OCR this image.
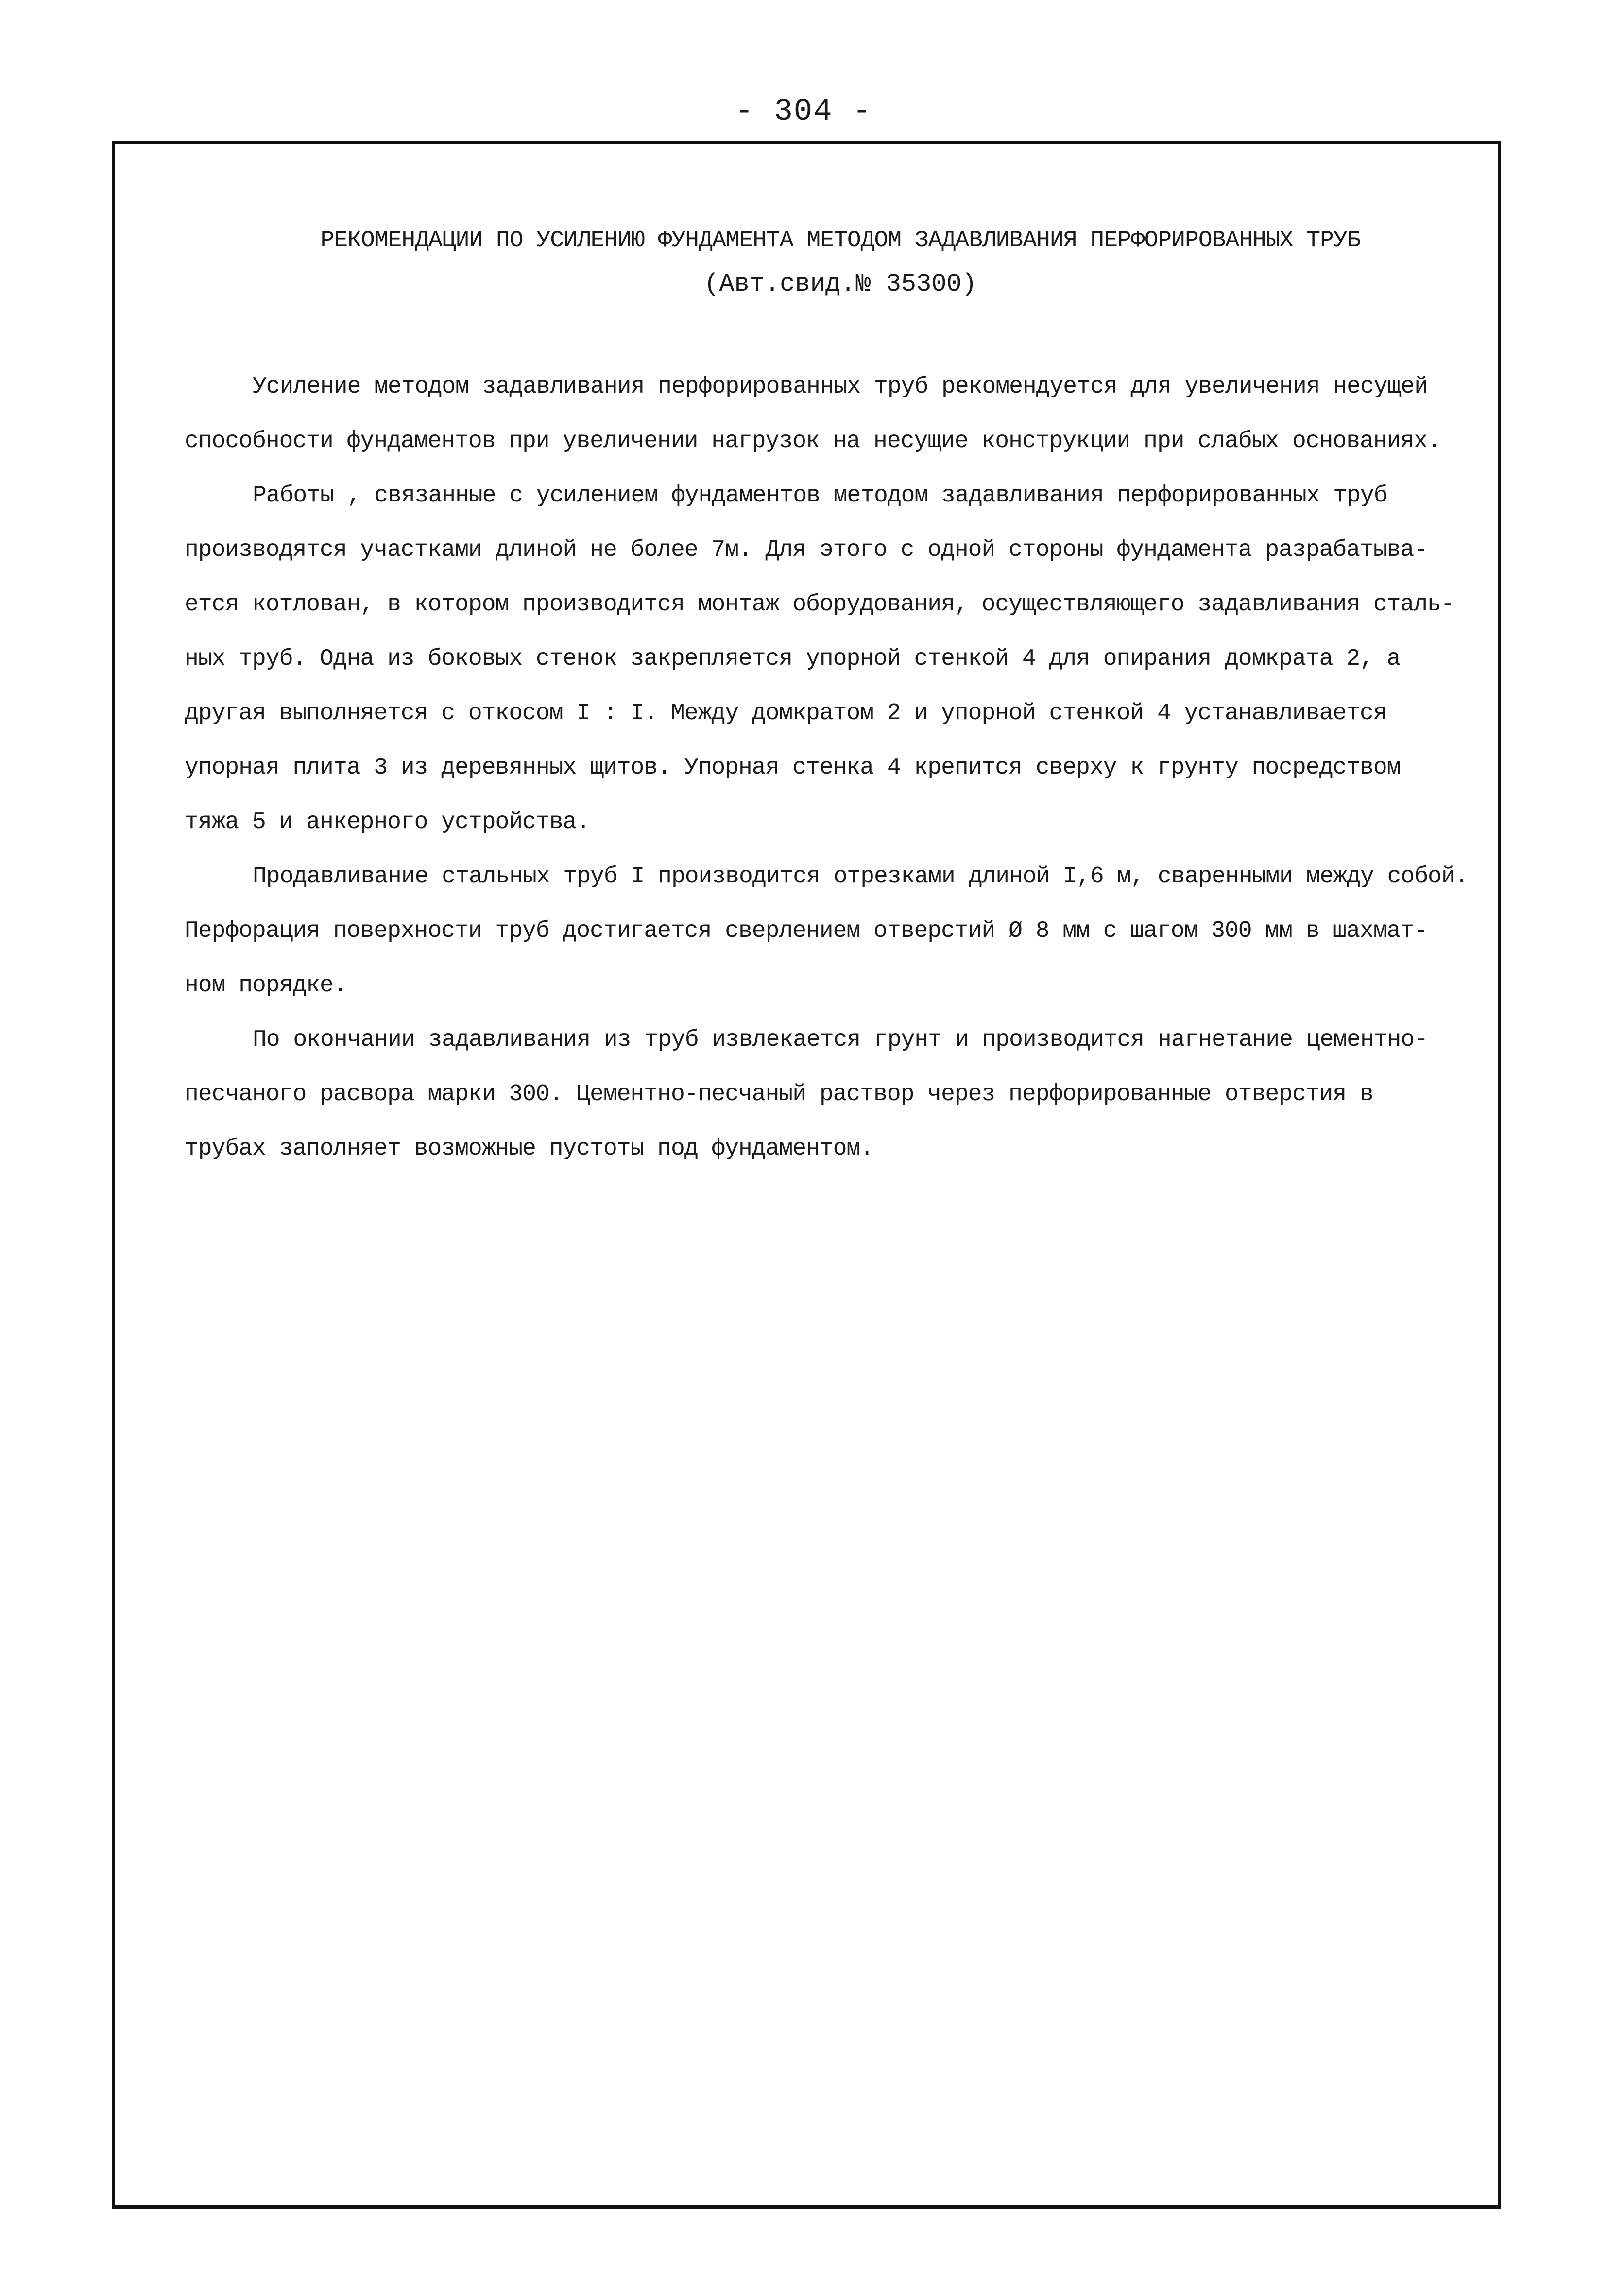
- 304 -
РЕКОМЕНДАЦИИ ПО УСИЛЕНИЮ ФУНДАМЕНТА МЕТОДОМ ЗАДАВЛИВАНИЯ ПЕРФОРИРОВАННЫХ ТРУБ
(Авт.свид.№ 35300)
Усиление методом задавливания перфорированных труб рекомендуется для увеличения несущей
способности фундаментов при увеличении нагрузок на несущие конструкции при слабых основаниях.
Работы , связанные с усилением фундаментов методом задавливания перфорированных труб
производятся участками длиной не более 7м. Для этого с одной стороны фундамента разрабатыва-
ется котлован, в котором производится монтаж оборудования, осуществляющего задавливания сталь-
ных труб. Одна из боковых стенок закрепляется упорной стенкой 4 для опирания домкрата 2, а
другая выполняется с откосом I : I. Между домкратом 2 и упорной стенкой 4 устанавливается
упорная плита 3 из деревянных щитов. Упорная стенка 4 крепится сверху к грунту посредством
тяжа 5 и анкерного устройства.
Продавливание стальных труб I производится отрезками длиной I,6 м, сваренными между собой.
Перфорация поверхности труб достигается сверлением отверстий Ø 8 мм с шагом 300 мм в шахмат-
ном порядке.
По окончании задавливания из труб извлекается грунт и производится нагнетание цементно-
песчаного расвора марки 300. Цементно-песчаный раствор через перфорированные отверстия в
трубах заполняет возможные пустоты под фундаментом.
